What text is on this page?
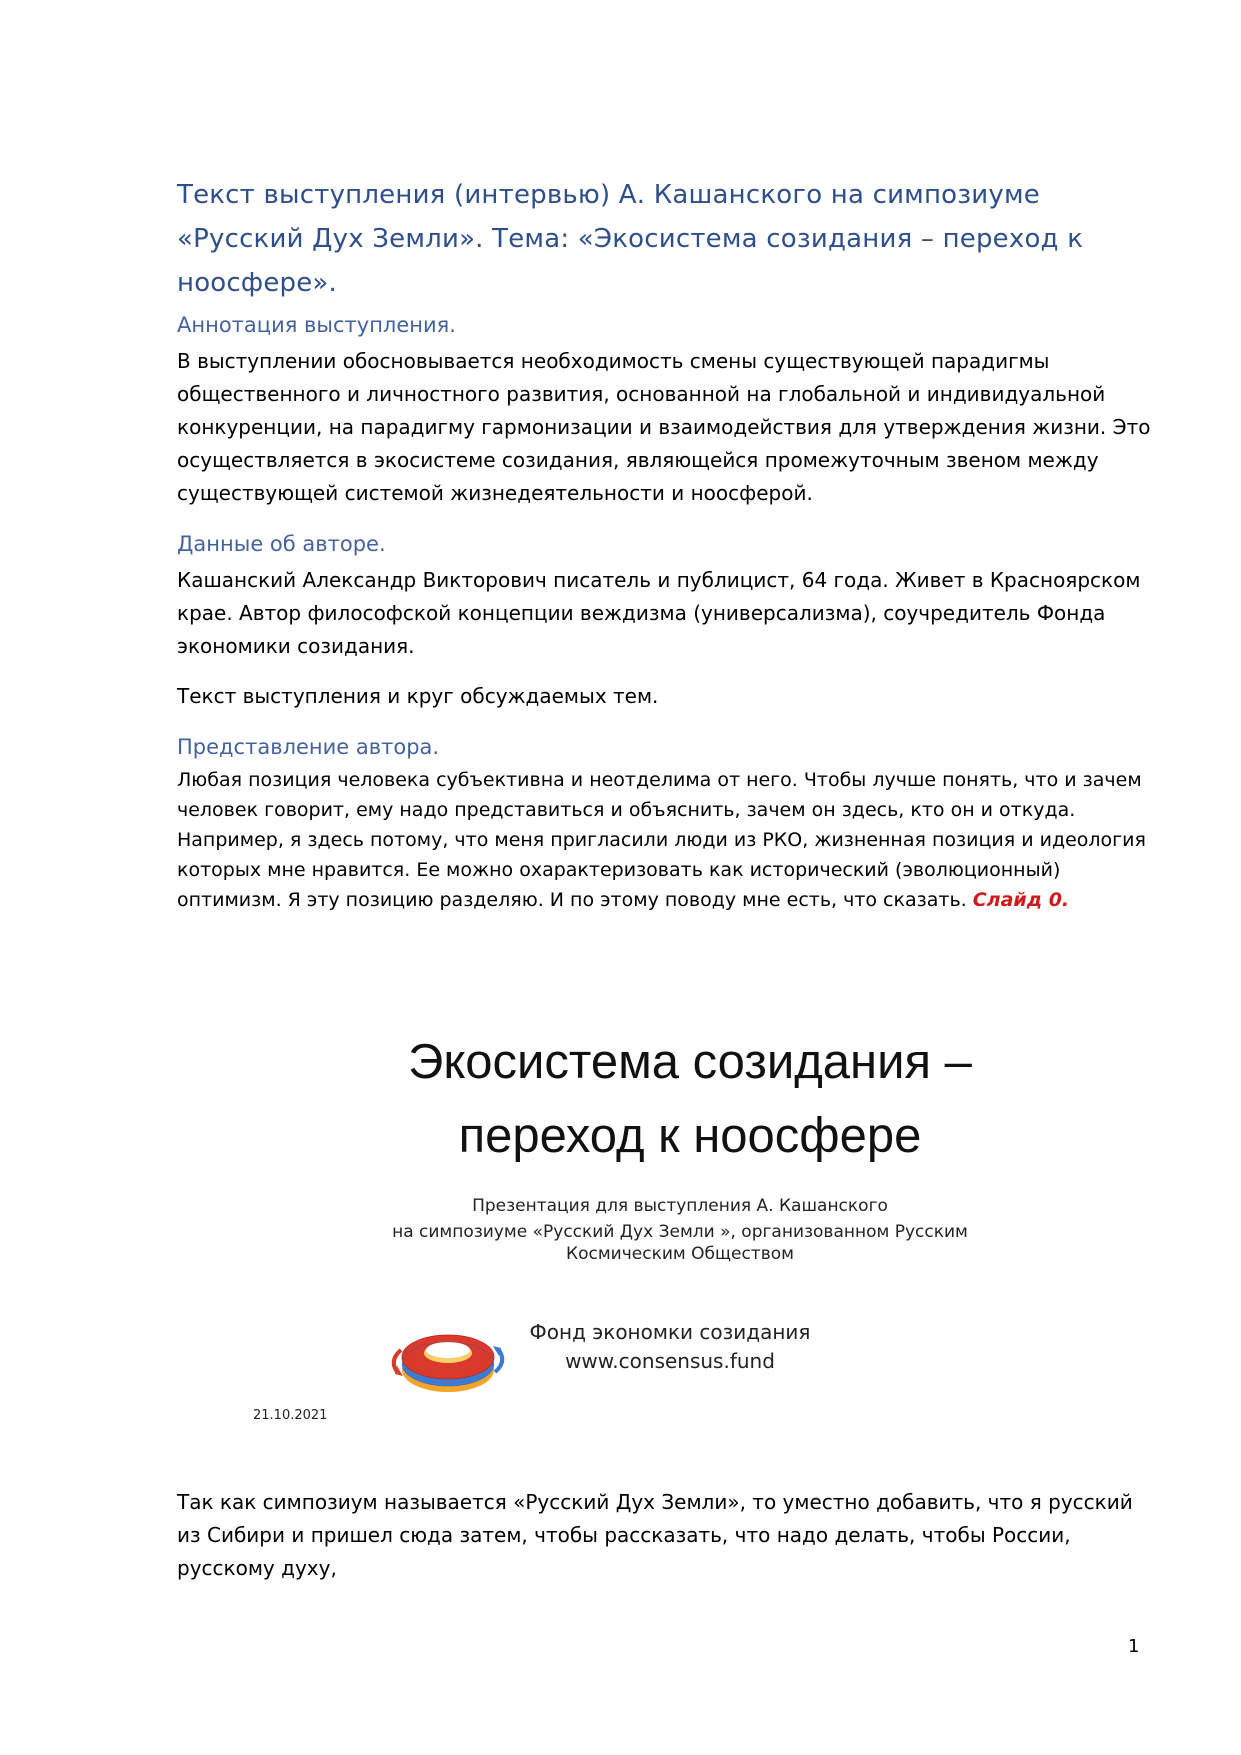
Текст выступления (интервью) А. Кашанского на симпозиуме «Русский Дух Земли». Тема: «Экосистема созидания – переход к ноосфере».
Аннотация выступления.
В выступлении обосновывается необходимость смены существующей парадигмы общественного и личностного развития, основанной на глобальной и индивидуальной конкуренции, на парадигму гармонизации и взаимодействия для утверждения жизни. Это осуществляется в экосистеме созидания, являющейся промежуточным звеном между существующей системой жизнедеятельности и ноосферой.
Данные об авторе.
Кашанский Александр Викторович писатель и публицист, 64 года. Живет в Красноярском крае. Автор философской концепции веждизма (универсализма), соучредитель Фонда экономики созидания.
Текст выступления и круг обсуждаемых тем.
Представление автора.
Любая позиция человека субъективна и неотделима от него. Чтобы лучше понять, что и зачем человек говорит, ему надо представиться и объяснить, зачем он здесь, кто он и откуда. Например, я здесь потому, что меня пригласили люди из РКО, жизненная позиция и идеология которых мне нравится. Ее можно охарактеризовать как исторический (эволюционный) оптимизм. Я эту позицию разделяю. И по этому поводу мне есть, что сказать. Слайд 0.
Экосистема созидания –
переход к ноосфере
Презентация для выступления А. Кашанского
на симпозиуме «Русский Дух Земли », организованном Русским
Космическим Обществом
Фонд экономки созидания
www.consensus.fund
21.10.2021
Так как симпозиум называется «Русский Дух Земли», то уместно добавить, что я русский из Сибири и пришел сюда затем, чтобы рассказать, что надо делать, чтобы России, русскому духу,
1
